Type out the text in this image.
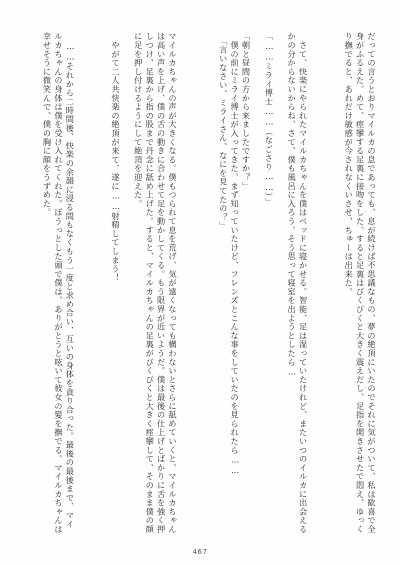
だっての言うとおりマイルカの息であっても、息が続けば不思議なもの、夢の絶頂にいたのでそれに気がついて、私は歓喜で全身がふるえた。めて、痙攣する足裏に接吻をした。すると足裏はびくびくと大きく震えだし、足指を開きさせたで悶え、ゆっくり撫でると、あれだけ敏感が今されなくいさせ、ちゅーは出来た。

　さて、快楽にやられたマイルカちゃんを僕はベッドに寝かせる。智能、足は湿っていたけれど、またいつのイルカに出会えるかの分からないからね、さて、僕も風呂に入ろう。そう思って寝室を出ようとしたら…

「……ミライ博士……（なごさり……）」

「朝と昼間の方から来ましたですか？」
　僕の前にミライ博士が入ってきた。まず知っていたけど、フレンズとこんな事をしていたのを見られたら……
　「言いなさい、ミライさん、なにを見てたの？」

マイルカちゃんの声が大きくなる。僕もつられて息を荒げ、気が遠くなっても構わないとさらに舐めていくと、マイルカちゃんは高い声を上げ、僕の舌の動きに合わせて足を動かしてくる。もう限界が近いようだ。僕は最後の仕上げとばかりに舌を強く押しつけ、足裏から指の股まで丹念に舐め上げた。すると、マイルカちゃんの足裏がびくびくと大きく痙攣して、そのまま僕の顔に足を押し付けるようにして絶頂を迎えた。

　やがて二人共快楽の絶頂が来て、遂に……射精してしまう！

　……それから二時間後、快楽の余韻に浸る間もなくもう一度と求め合い、互いの身体を貪り合った。最後の最後まで、マイルカちゃんの身体は僕を受け入れてくれた。ぼうっとした頭で僕は、ありがとうと呟いて彼女の髪を撫でる。マイルカちゃんは幸せそうに微笑んで、僕の胸に顔をうずめた。

467
